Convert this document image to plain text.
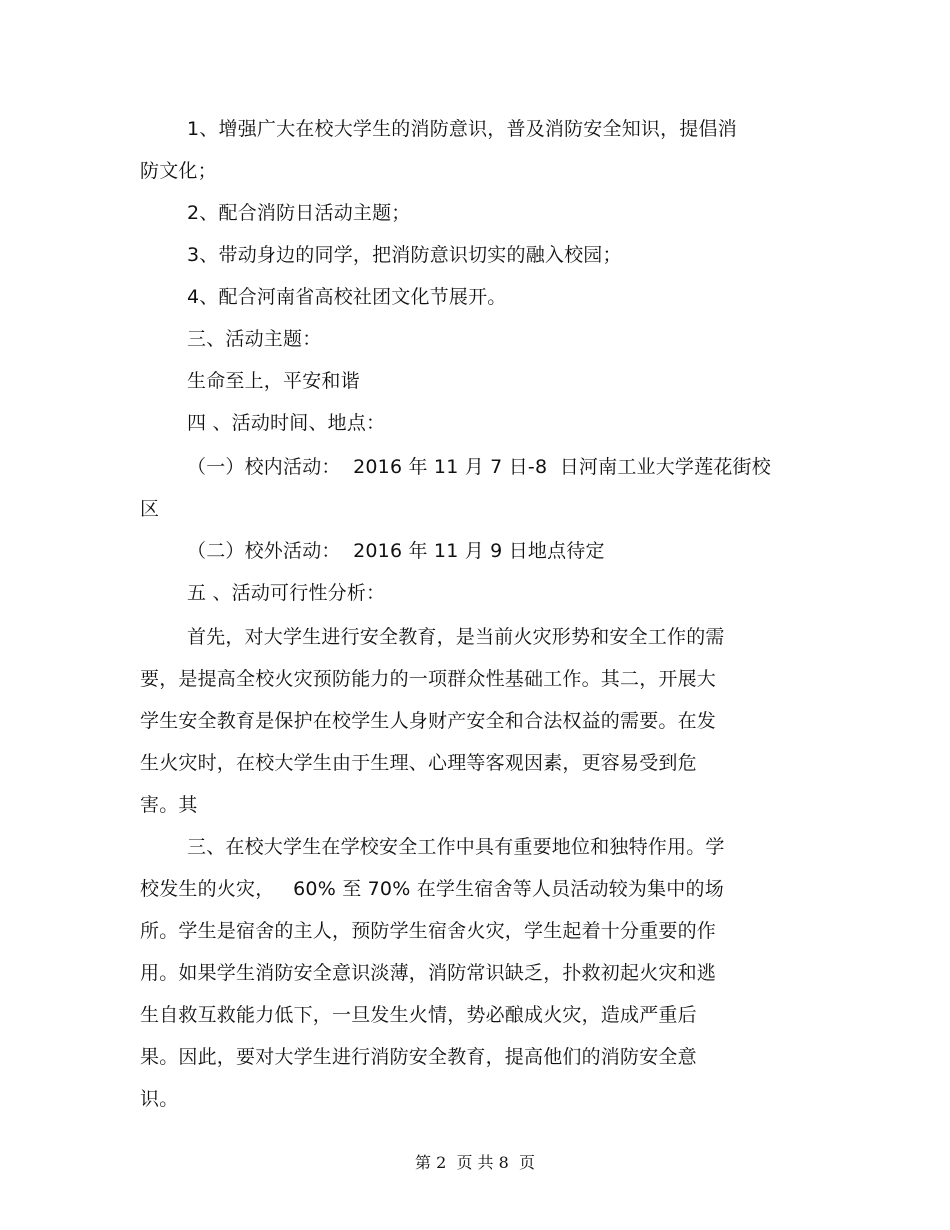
1、增强广大在校大学生的消防意识，普及消防安全知识，提倡消
防文化；
2、配合消防日活动主题；
3、带动身边的同学，把消防意识切实的融入校园；
4、配合河南省高校社团文化节展开。
三、活动主题：
生命至上，平安和谐
四 、活动时间、地点：
（一）校内活动：  2016 年 11 月 7 日-8  日河南工业大学莲花街校
区
（二）校外活动：  2016 年 11 月 9 日地点待定
五 、活动可行性分析：
首先，对大学生进行安全教育，是当前火灾形势和安全工作的需
要，是提高全校火灾预防能力的一项群众性基础工作。其二，开展大
学生安全教育是保护在校学生人身财产安全和合法权益的需要。在发
生火灾时，在校大学生由于生理、心理等客观因素，更容易受到危
害。其
三、在校大学生在学校安全工作中具有重要地位和独特作用。学
校发生的火灾，   60% 至 70% 在学生宿舍等人员活动较为集中的场
所。学生是宿舍的主人，预防学生宿舍火灾，学生起着十分重要的作
用。如果学生消防安全意识淡薄，消防常识缺乏，扑救初起火灾和逃
生自救互救能力低下，一旦发生火情，势必酿成火灾，造成严重后
果。因此，要对大学生进行消防安全教育，提高他们的消防安全意
识。
第 2  页 共 8  页
